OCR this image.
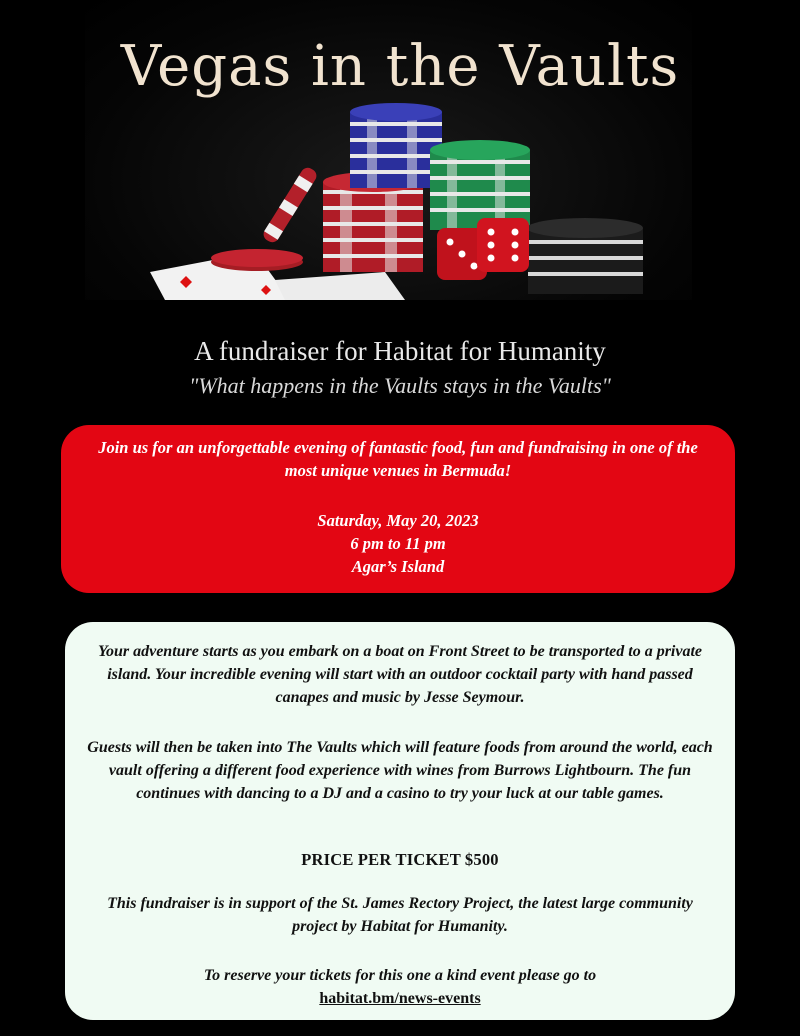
Vegas in the Vaults

A fundraiser for Habitat for Humanity

"What happens in the Vaults stays in the Vaults"

Join us for an unforgettable evening of fantastic food, fun and fundraising in one of the most unique venues in Bermuda!
Saturday, May 20, 2023
6 pm to 11 pm
Agar’s Island
Your adventure starts as you embark on a boat on Front Street to be transported to a private island. Your incredible evening will start with an outdoor cocktail party with hand passed canapes and music by Jesse Seymour.
Guests will then be taken into The Vaults which will feature foods from around the world, each vault offering a different food experience with wines from Burrows Lightbourn. The fun continues with dancing to a DJ and a casino to try your luck at our table games.
PRICE PER TICKET $500
This fundraiser is in support of the St. James Rectory Project, the latest large community project by Habitat for Humanity.
To reserve your tickets for this one a kind event please go to
habitat.bm/news-events
